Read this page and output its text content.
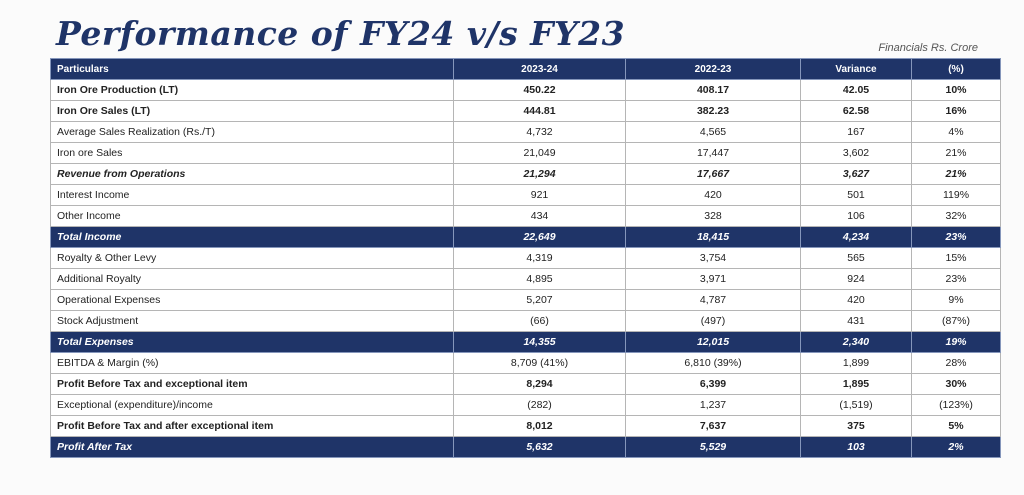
Performance of FY24 v/s FY23	Financials Rs. Crore
Particulars	2023-24	2022-23	Variance	(%)
Iron Ore Production (LT)	450.22	408.17	42.05	10%
Iron Ore Sales (LT)	444.81	382.23	62.58	16%
Average Sales Realization (Rs./T)	4,732	4,565	167	4%
Iron ore Sales	21,049	17,447	3,602	21%
Revenue from Operations	21,294	17,667	3,627	21%
Interest Income	921	420	501	119%
Other Income	434	328	106	32%
Total Income	22,649	18,415	4,234	23%
Royalty & Other Levy	4,319	3,754	565	15%
Additional Royalty	4,895	3,971	924	23%
Operational Expenses	5,207	4,787	420	9%
Stock Adjustment	(66)	(497)	431	(87%)
Total Expenses	14,355	12,015	2,340	19%
EBITDA & Margin (%)	8,709 (41%)	6,810 (39%)	1,899	28%
Profit Before Tax and exceptional item	8,294	6,399	1,895	30%
Exceptional (expenditure)/income	(282)	1,237	(1,519)	(123%)
Profit Before Tax and after exceptional item	8,012	7,637	375	5%
Profit After Tax	5,632	5,529	103	2%
